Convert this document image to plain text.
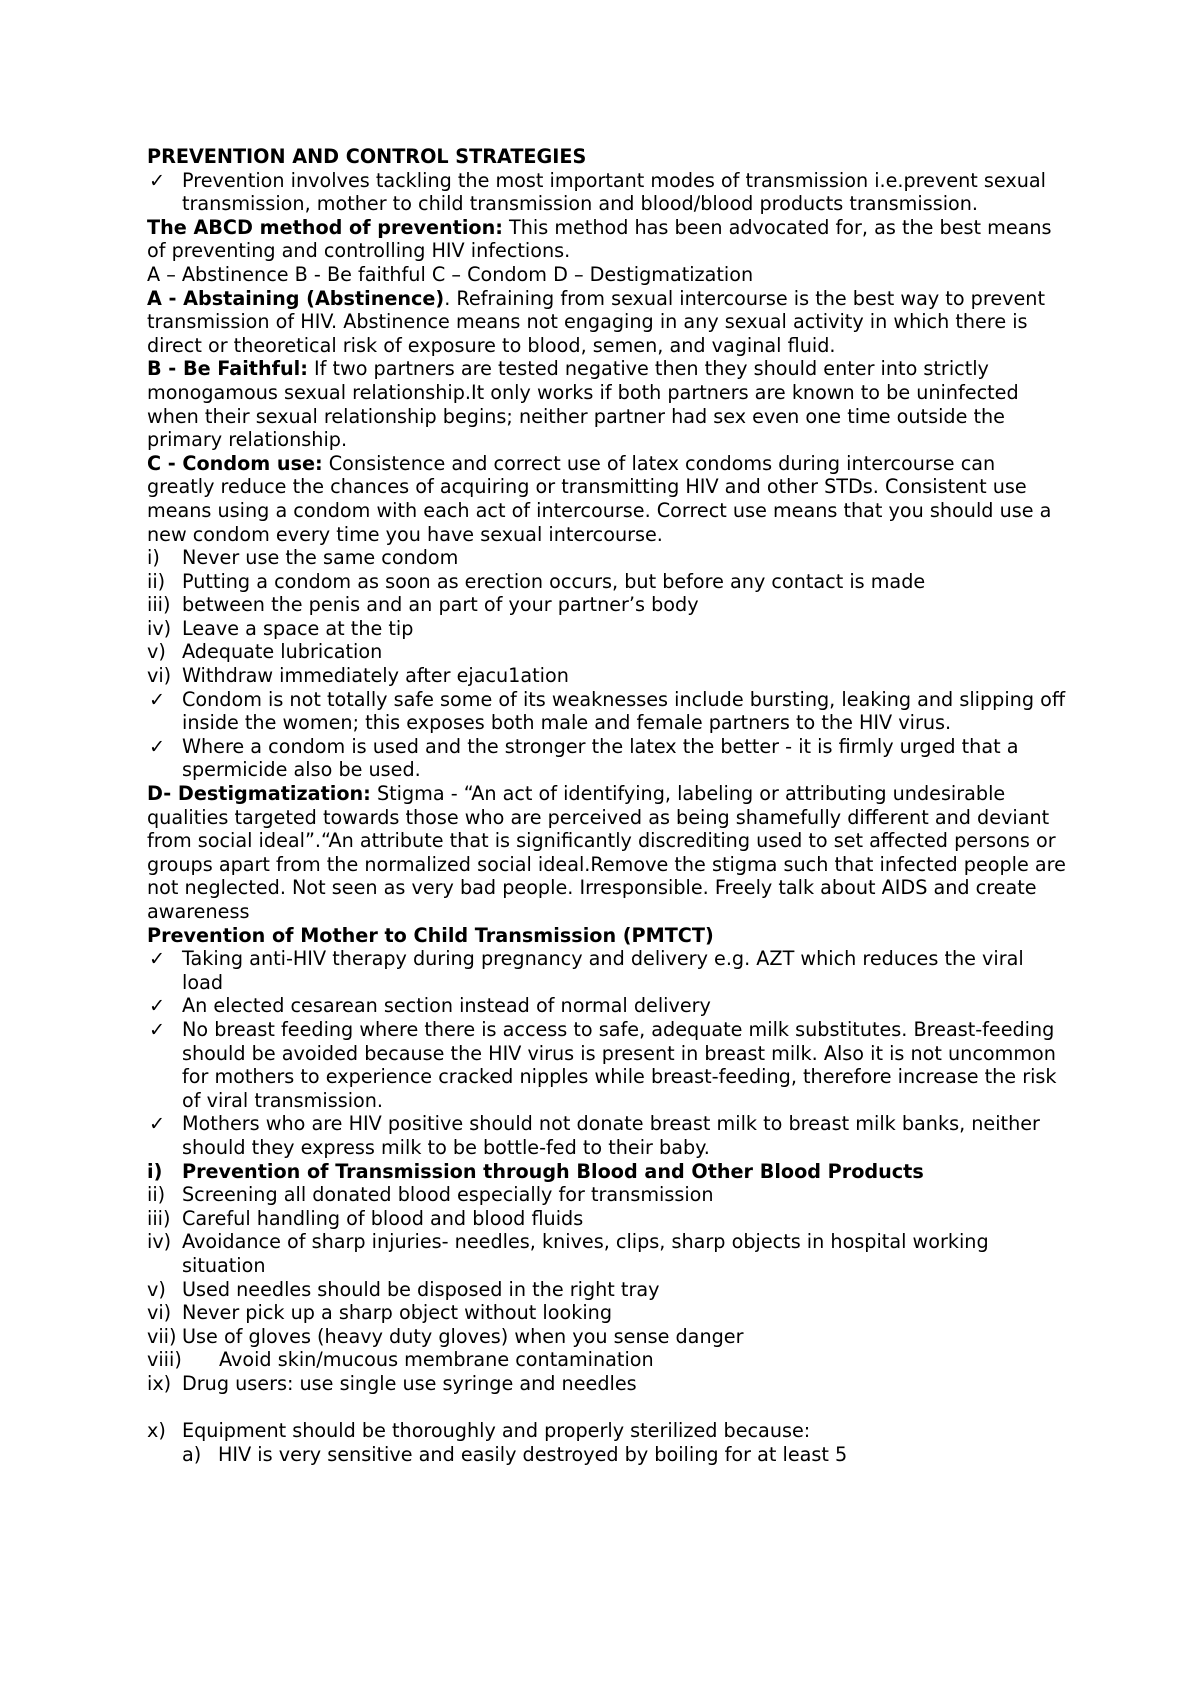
PREVENTION AND CONTROL STRATEGIES

✓ Prevention involves tackling the most important modes of transmission i.e.prevent sexual transmission, mother to child transmission and blood/blood products transmission.

The ABCD method of prevention: This method has been advocated for, as the best means of preventing and controlling HIV infections.

A – Abstinence B - Be faithful C – Condom D – Destigmatization

A - Abstaining (Abstinence). Refraining from sexual intercourse is the best way to prevent transmission of HIV. Abstinence means not engaging in any sexual activity in which there is direct or theoretical risk of exposure to blood, semen, and vaginal fluid.

B - Be Faithful: If two partners are tested negative then they should enter into strictly monogamous sexual relationship.It only works if both partners are known to be uninfected when their sexual relationship begins; neither partner had sex even one time outside the primary relationship.

C - Condom use: Consistence and correct use of latex condoms during intercourse can greatly reduce the chances of acquiring or transmitting HIV and other STDs. Consistent use means using a condom with each act of intercourse. Correct use means that you should use a new condom every time you have sexual intercourse.

i) Never use the same condom
ii) Putting a condom as soon as erection occurs, but before any contact is made
iii) between the penis and an part of your partner’s body
iv) Leave a space at the tip
v) Adequate lubrication
vi) Withdraw immediately after ejacu1ation
✓ Condom is not totally safe some of its weaknesses include bursting, leaking and slipping off inside the women; this exposes both male and female partners to the HIV virus.
✓ Where a condom is used and the stronger the latex the better - it is firmly urged that a spermicide also be used.

D- Destigmatization: Stigma - “An act of identifying, labeling or attributing undesirable qualities targeted towards those who are perceived as being shamefully different and deviant from social ideal”.“An attribute that is significantly discrediting used to set affected persons or

groups apart from the normalized social ideal.Remove the stigma such that infected people are not neglected. Not seen as very bad people. Irresponsible. Freely talk about AIDS and create awareness

Prevention of Mother to Child Transmission (PMTCT)

✓ Taking anti-HIV therapy during pregnancy and delivery e.g. AZT which reduces the viral load
✓ An elected cesarean section instead of normal delivery
✓ No breast feeding where there is access to safe, adequate milk substitutes. Breast-feeding should be avoided because the HIV virus is present in breast milk. Also it is not uncommon for mothers to experience cracked nipples while breast-feeding, therefore increase the risk of viral transmission.
✓ Mothers who are HIV positive should not donate breast milk to breast milk banks, neither should they express milk to be bottle-fed to their baby.
i) Prevention of Transmission through Blood and Other Blood Products
ii) Screening all donated blood especially for transmission
iii) Careful handling of blood and blood fluids
iv) Avoidance of sharp injuries- needles, knives, clips, sharp objects in hospital working situation
v) Used needles should be disposed in the right tray
vi) Never pick up a sharp object without looking
vii) Use of gloves (heavy duty gloves) when you sense danger
viii) Avoid skin/mucous membrane contamination
ix) Drug users: use single use syringe and needles
x) Equipment should be thoroughly and properly sterilized because:
a) HIV is very sensitive and easily destroyed by boiling for at least 5
